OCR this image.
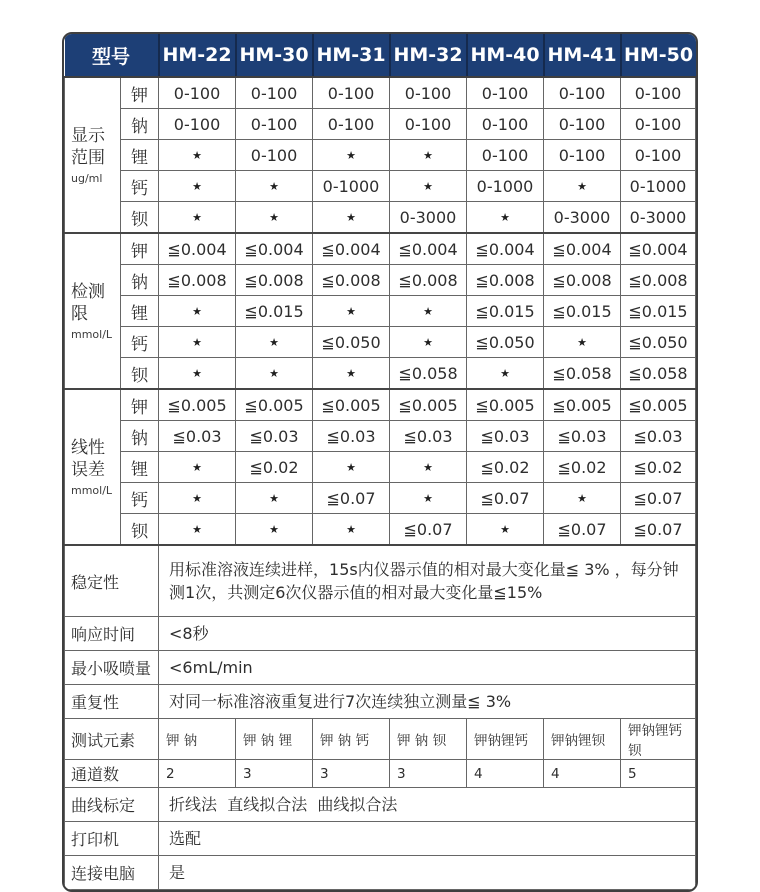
型号		HM-22	HM-30	HM-31	HM-32	HM-40	HM-41	HM-50

显示
范围
ug/ml	钾	0-100	0-100	0-100	0-100	0-100	0-100	0-100
	钠	0-100	0-100	0-100	0-100	0-100	0-100	0-100
	锂	★	0-100	★	★	0-100	0-100	0-100
	钙	★	★	0-1000	★	0-1000	★	0-1000
	钡	★	★	★	0-3000	★	0-3000	0-3000

检测
限
mmol/L	钾	≦0.004	≦0.004	≦0.004	≦0.004	≦0.004	≦0.004	≦0.004
	钠	≦0.008	≦0.008	≦0.008	≦0.008	≦0.008	≦0.008	≦0.008
	锂	★	≦0.015	★	★	≦0.015	≦0.015	≦0.015
	钙	★	★	≦0.050	★	≦0.050	★	≦0.050
	钡	★	★	★	≦0.058	★	≦0.058	≦0.058

线性
误差
mmol/L	钾	≦0.005	≦0.005	≦0.005	≦0.005	≦0.005	≦0.005	≦0.005
	钠	≦0.03	≦0.03	≦0.03	≦0.03	≦0.03	≦0.03	≦0.03
	锂	★	≦0.02	★	★	≦0.02	≦0.02	≦0.02
	钙	★	★	≦0.07	★	≦0.07	★	≦0.07
	钡	★	★	★	≦0.07	★	≦0.07	≦0.07
稳定性		用标准溶液连续进样，15s内仪器示值的相对最大变化量≦ 3% ，每分钟测1次，共测定6次仪器示值的相对最大变化量≦15%						
响应时间		<8秒						
最小吸喷量		<6mL/min						
重复性		对同一标准溶液重复进行7次连续独立测量≦ 3%						
测试元素		钾 钠	钾 钠 锂	钾 钠 钙	钾 钠 钡	钾钠锂钙	钾钠锂钡	钾钠锂钙钡
通道数		2	3	3	3	4	4	5
曲线标定		折线法  直线拟合法  曲线拟合法						
打印机		选配						
连接电脑		是						
